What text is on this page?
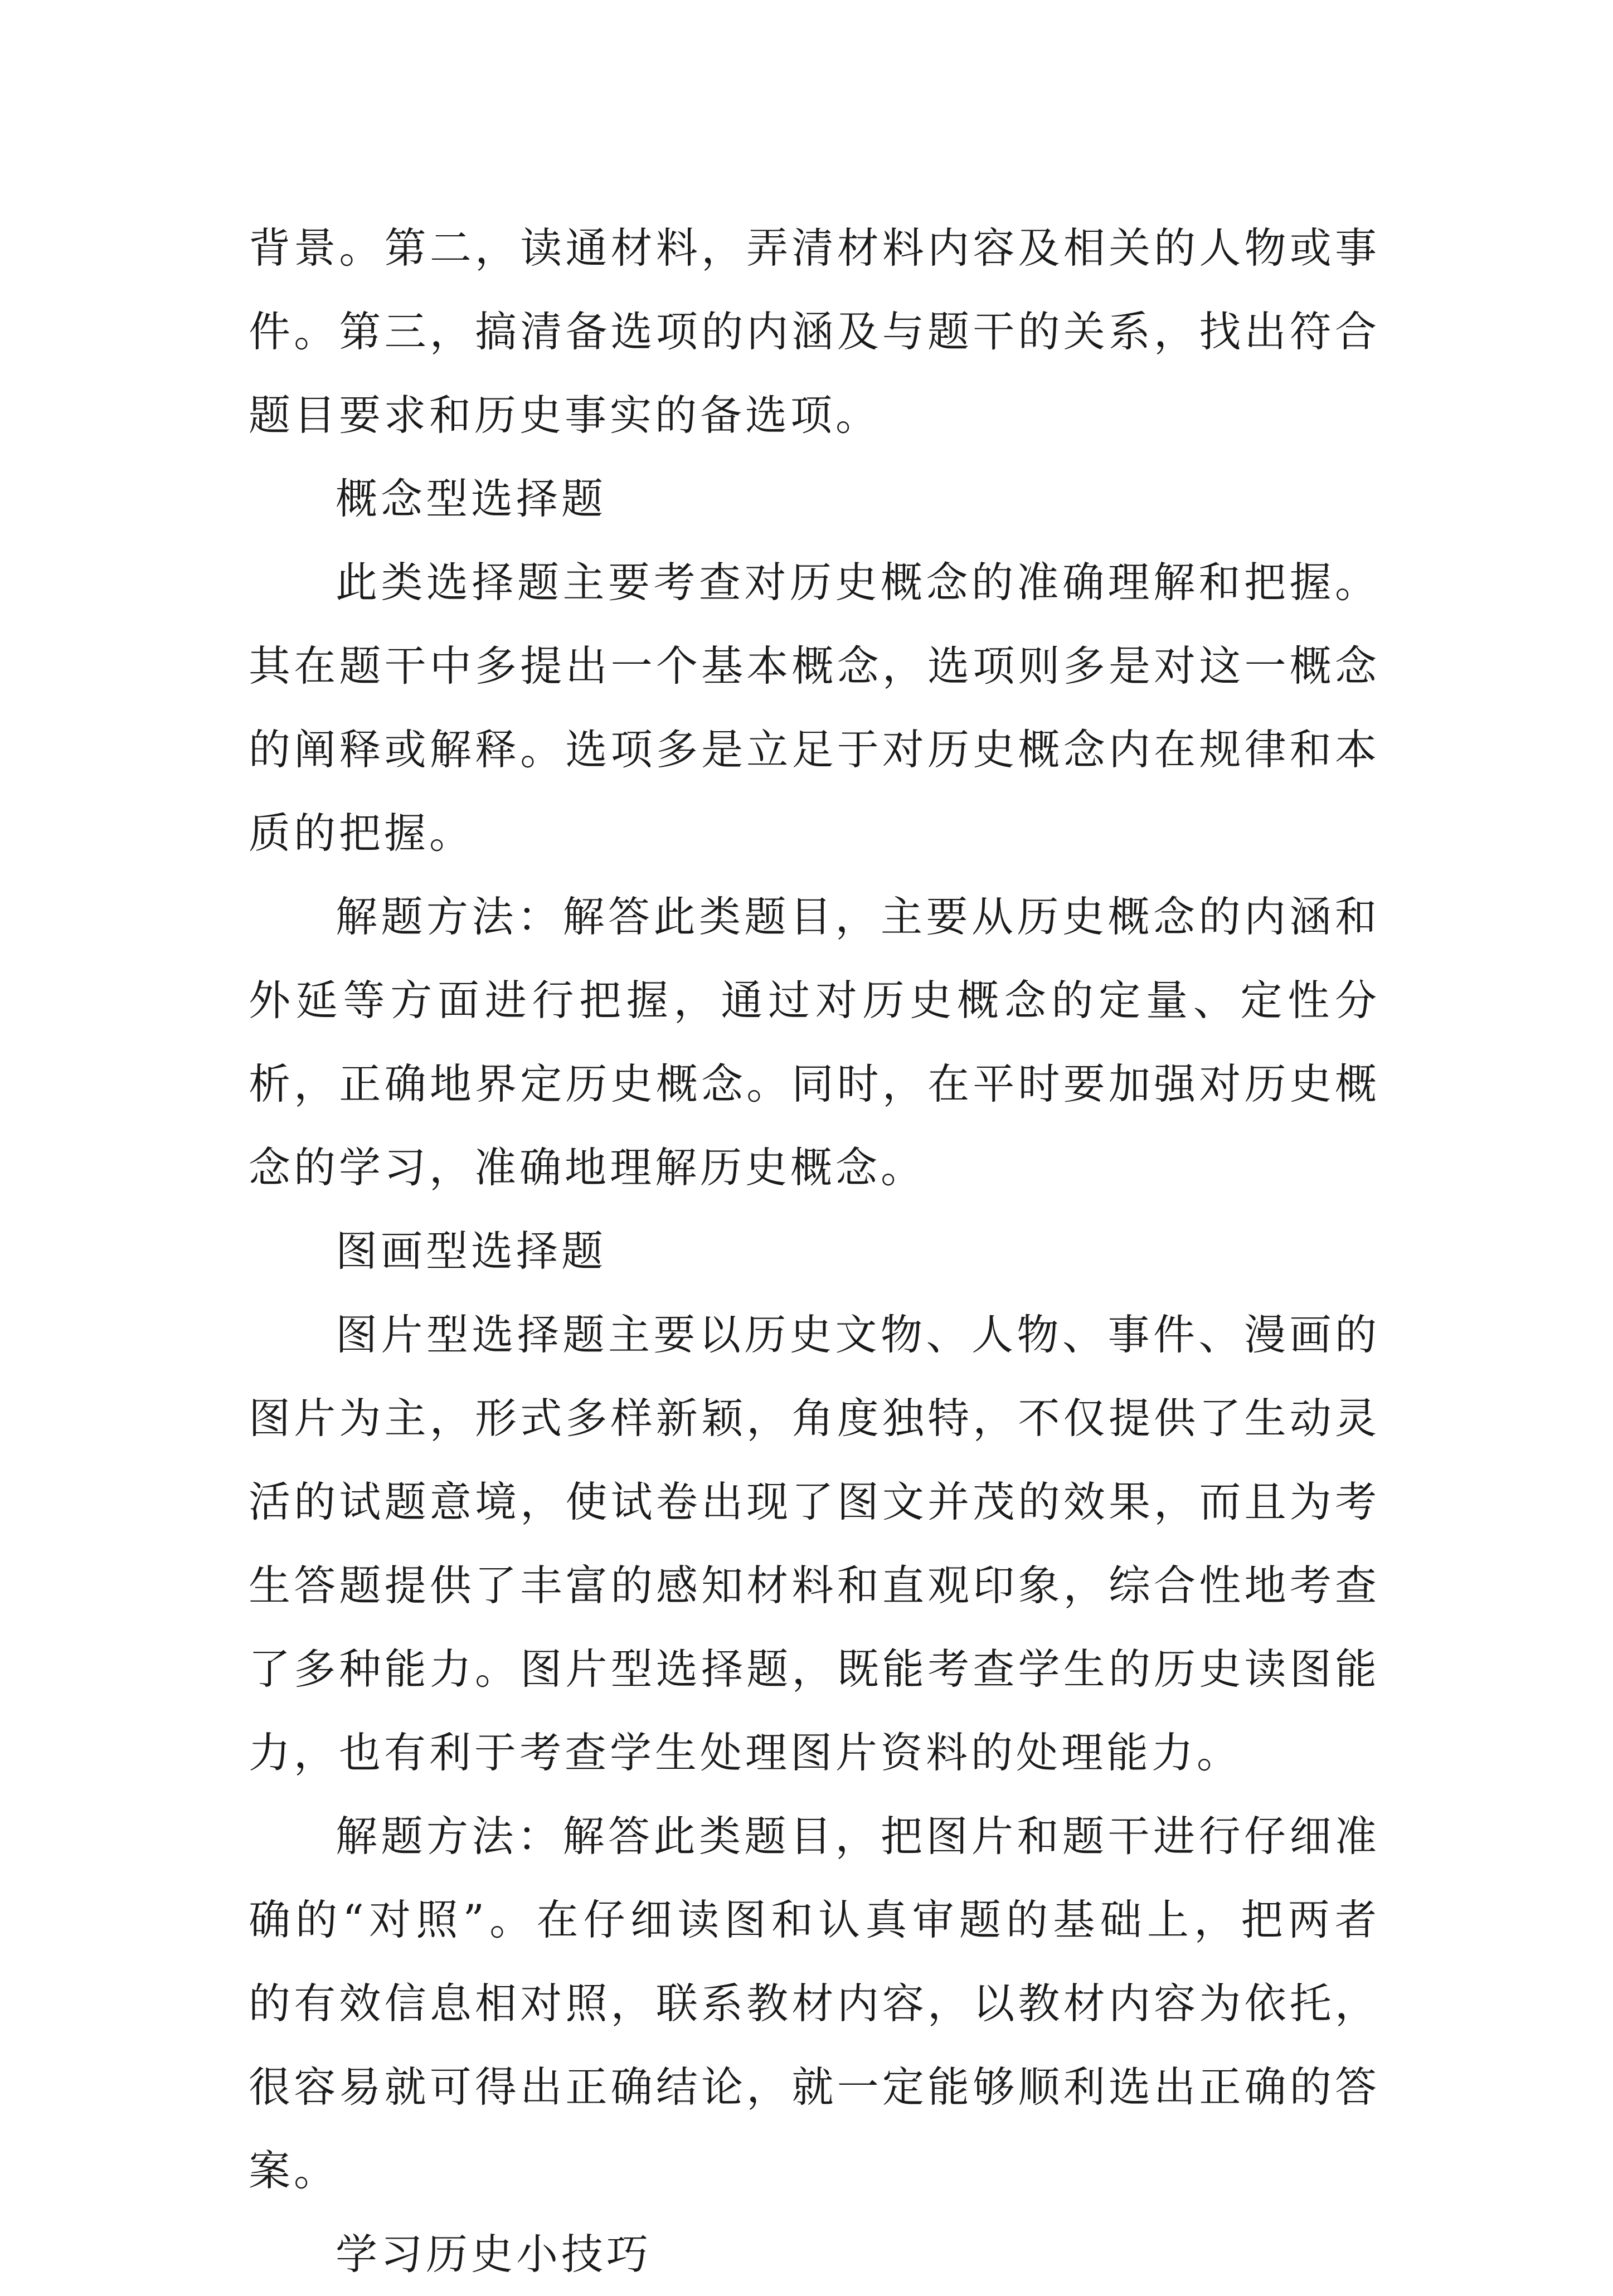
背景。第二，读通材料，弄清材料内容及相关的人物或事件。第三，搞清备选项的内涵及与题干的关系，找出符合题目要求和历史事实的备选项。

概念型选择题

此类选择题主要考查对历史概念的准确理解和把握。其在题干中多提出一个基本概念，选项则多是对这一概念的阐释或解释。选项多是立足于对历史概念内在规律和本质的把握。

解题方法：解答此类题目，主要从历史概念的内涵和外延等方面进行把握，通过对历史概念的定量、定性分析，正确地界定历史概念。同时，在平时要加强对历史概念的学习，准确地理解历史概念。

图画型选择题

图片型选择题主要以历史文物、人物、事件、漫画的图片为主，形式多样新颖，角度独特，不仅提供了生动灵活的试题意境，使试卷出现了图文并茂的效果，而且为考生答题提供了丰富的感知材料和直观印象，综合性地考查了多种能力。图片型选择题，既能考查学生的历史读图能力，也有利于考查学生处理图片资料的处理能力。

解题方法：解答此类题目，把图片和题干进行仔细准确的“对照”。在仔细读图和认真审题的基础上，把两者的有效信息相对照，联系教材内容，以教材内容为依托，很容易就可得出正确结论，就一定能够顺利选出正确的答案。

学习历史小技巧
